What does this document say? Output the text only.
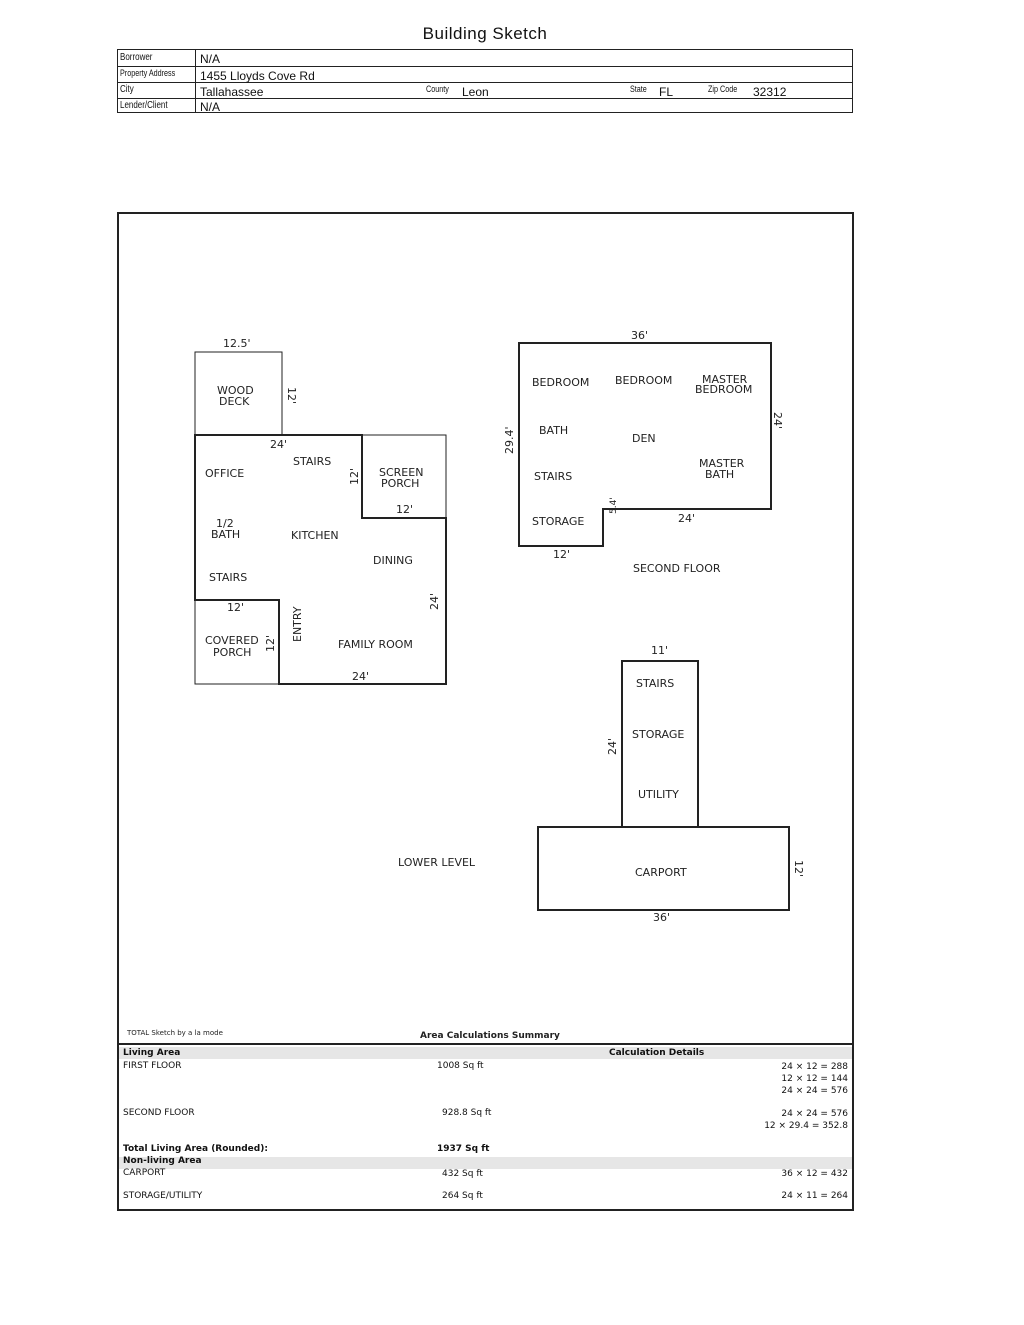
Building Sketch
Borrower	N/A
Property Address 1455 Lloyds Cove Rd
City	Tallahassee	County Leon	State FL	Zip Code 32312
Lender/Client	N/A
12.5'
WOOD
DECK	12'
24'
STAIRS
OFFICE	12' SCREEN
PORCH
12'
1/2
BATH	KITCHEN
DINING
STAIRS
24'
12'	ENTRY
12'
COVERED
PORCH
FAMILY ROOM
24'
36'
BEDROOM BEDROOM	MASTER
BEDROOM
29.4'
24'
BATH
DEN
STAIRS
MASTER
BATH
STORAGE
5.4'
24'
12'
SECOND FLOOR
11'
STAIRS
24'
STORAGE
UTILITY
LOWER LEVEL
CARPORT	12'
36'
TOTAL Sketch by a la mode	Area Calculations Summary
Living Area	Calculation Details
FIRST FLOOR	1008 Sq ft	24 × 12 = 288
12 × 12 = 144
24 × 24 = 576
SECOND FLOOR	928.8 Sq ft	24 × 24 = 576
12 × 29.4 = 352.8
Total Living Area (Rounded):	1937 Sq ft
Non-living Area
CARPORT	432 Sq ft	36 × 12 = 432
STORAGE/UTILITY	264 Sq ft	24 × 11 = 264
